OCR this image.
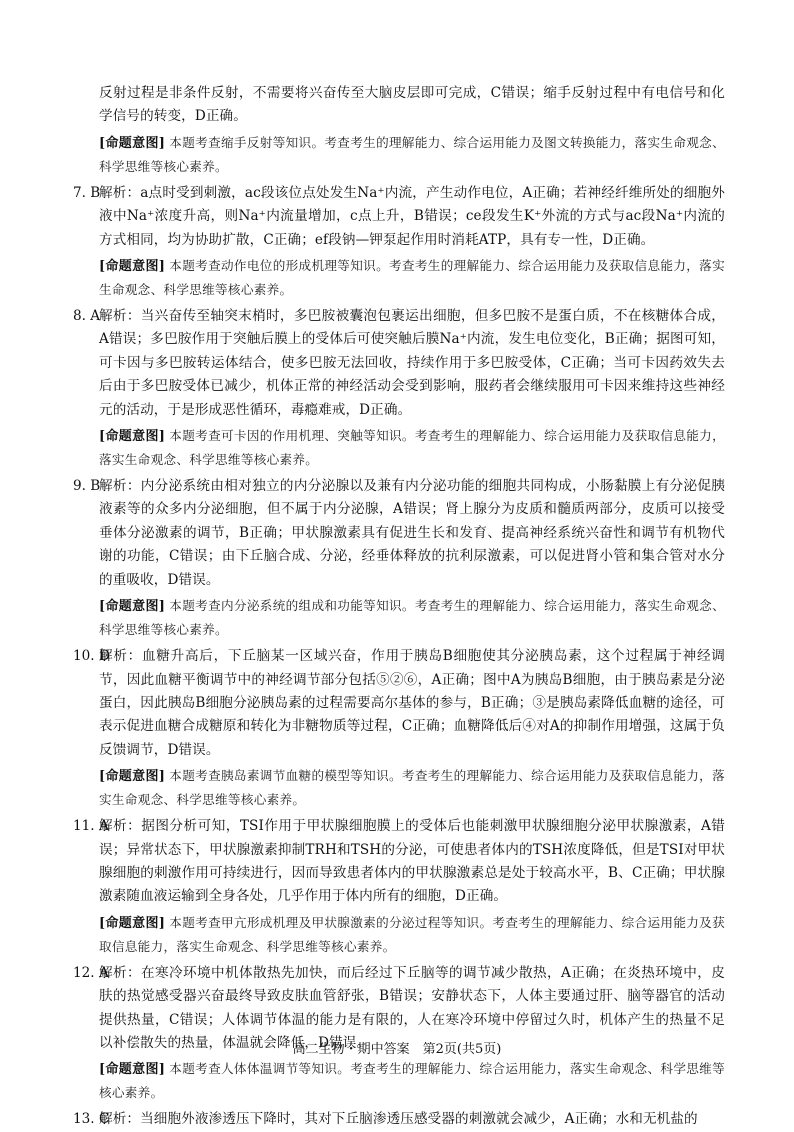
反射过程是非条件反射，不需要将兴奋传至大脑皮层即可完成，C错误；缩手反射过程中有电信号和化学信号的转变，D正确。
[命题意图] 本题考查缩手反射等知识。考查考生的理解能力、综合运用能力及图文转换能力，落实生命观念、科学思维等核心素养。
7. B
解析：a点时受到刺激，ac段该位点处发生Na⁺内流，产生动作电位，A正确；若神经纤维所处的细胞外液中Na⁺浓度升高，则Na⁺内流量增加，c点上升，B错误；ce段发生K⁺外流的方式与ac段Na⁺内流的方式相同，均为协助扩散，C正确；ef段钠—钾泵起作用时消耗ATP，具有专一性，D正确。
[命题意图] 本题考查动作电位的形成机理等知识。考查考生的理解能力、综合运用能力及获取信息能力，落实生命观念、科学思维等核心素养。
8. A
解析：当兴奋传至轴突末梢时，多巴胺被囊泡包裹运出细胞，但多巴胺不是蛋白质，不在核糖体合成，A错误；多巴胺作用于突触后膜上的受体后可使突触后膜Na⁺内流，发生电位变化，B正确；据图可知，可卡因与多巴胺转运体结合，使多巴胺无法回收，持续作用于多巴胺受体，C正确；当可卡因药效失去后由于多巴胺受体已减少，机体正常的神经活动会受到影响，服药者会继续服用可卡因来维持这些神经元的活动，于是形成恶性循环，毒瘾难戒，D正确。
[命题意图] 本题考查可卡因的作用机理、突触等知识。考查考生的理解能力、综合运用能力及获取信息能力，落实生命观念、科学思维等核心素养。
9. B
解析：内分泌系统由相对独立的内分泌腺以及兼有内分泌功能的细胞共同构成，小肠黏膜上有分泌促胰液素等的众多内分泌细胞，但不属于内分泌腺，A错误；肾上腺分为皮质和髓质两部分，皮质可以接受垂体分泌激素的调节，B正确；甲状腺激素具有促进生长和发育、提高神经系统兴奋性和调节有机物代谢的功能，C错误；由下丘脑合成、分泌，经垂体释放的抗利尿激素，可以促进肾小管和集合管对水分的重吸收，D错误。
[命题意图] 本题考查内分泌系统的组成和功能等知识。考查考生的理解能力、综合运用能力，落实生命观念、科学思维等核心素养。
10. D
解析：血糖升高后，下丘脑某一区域兴奋，作用于胰岛B细胞使其分泌胰岛素，这个过程属于神经调节，因此血糖平衡调节中的神经调节部分包括⑤②⑥，A正确；图中A为胰岛B细胞，由于胰岛素是分泌蛋白，因此胰岛B细胞分泌胰岛素的过程需要高尔基体的参与，B正确；③是胰岛素降低血糖的途径，可表示促进血糖合成糖原和转化为非糖物质等过程，C正确；血糖降低后④对A的抑制作用增强，这属于负反馈调节，D错误。
[命题意图] 本题考查胰岛素调节血糖的模型等知识。考查考生的理解能力、综合运用能力及获取信息能力，落实生命观念、科学思维等核心素养。
11. A
解析：据图分析可知，TSI作用于甲状腺细胞膜上的受体后也能刺激甲状腺细胞分泌甲状腺激素，A错误；异常状态下，甲状腺激素抑制TRH和TSH的分泌，可使患者体内的TSH浓度降低，但是TSI对甲状腺细胞的刺激作用可持续进行，因而导致患者体内的甲状腺激素总是处于较高水平，B、C正确；甲状腺激素随血液运输到全身各处，几乎作用于体内所有的细胞，D正确。
[命题意图] 本题考查甲亢形成机理及甲状腺激素的分泌过程等知识。考查考生的理解能力、综合运用能力及获取信息能力，落实生命观念、科学思维等核心素养。
12. A
解析：在寒冷环境中机体散热先加快，而后经过下丘脑等的调节减少散热，A正确；在炎热环境中，皮肤的热觉感受器兴奋最终导致皮肤血管舒张，B错误；安静状态下，人体主要通过肝、脑等器官的活动提供热量，C错误；人体调节体温的能力是有限的，人在寒冷环境中停留过久时，机体产生的热量不足以补偿散失的热量，体温就会降低，D错误。
[命题意图] 本题考查人体体温调节等知识。考查考生的理解能力、综合运用能力，落实生命观念、科学思维等核心素养。
13. C
解析：当细胞外液渗透压下降时，其对下丘脑渗透压感受器的刺激就会减少，A正确；水和无机盐的
高二生物・期中答案　第2页(共5页)
